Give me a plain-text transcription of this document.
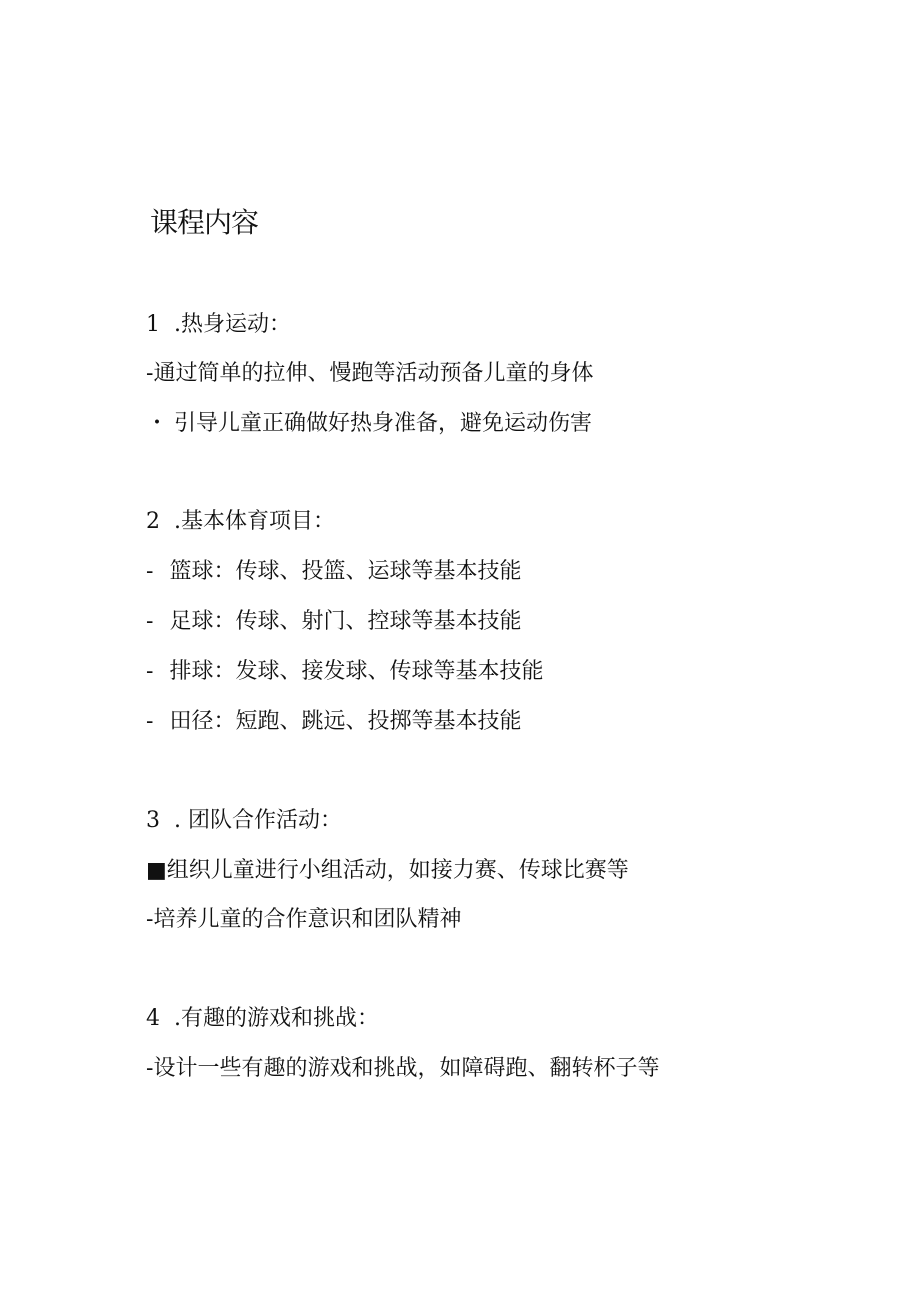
课程内容
1 .热身运动：
-通过简单的拉伸、慢跑等活动预备儿童的身体
・ 引导儿童正确做好热身准备，避免运动伤害
2 .基本体育项目：
- 篮球：传球、投篮、运球等基本技能
- 足球：传球、射门、控球等基本技能
- 排球：发球、接发球、传球等基本技能
- 田径：短跑、跳远、投掷等基本技能
3 . 团队合作活动：
■组织儿童进行小组活动，如接力赛、传球比赛等
-培养儿童的合作意识和团队精神
4 .有趣的游戏和挑战：
-设计一些有趣的游戏和挑战，如障碍跑、翻转杯子等
